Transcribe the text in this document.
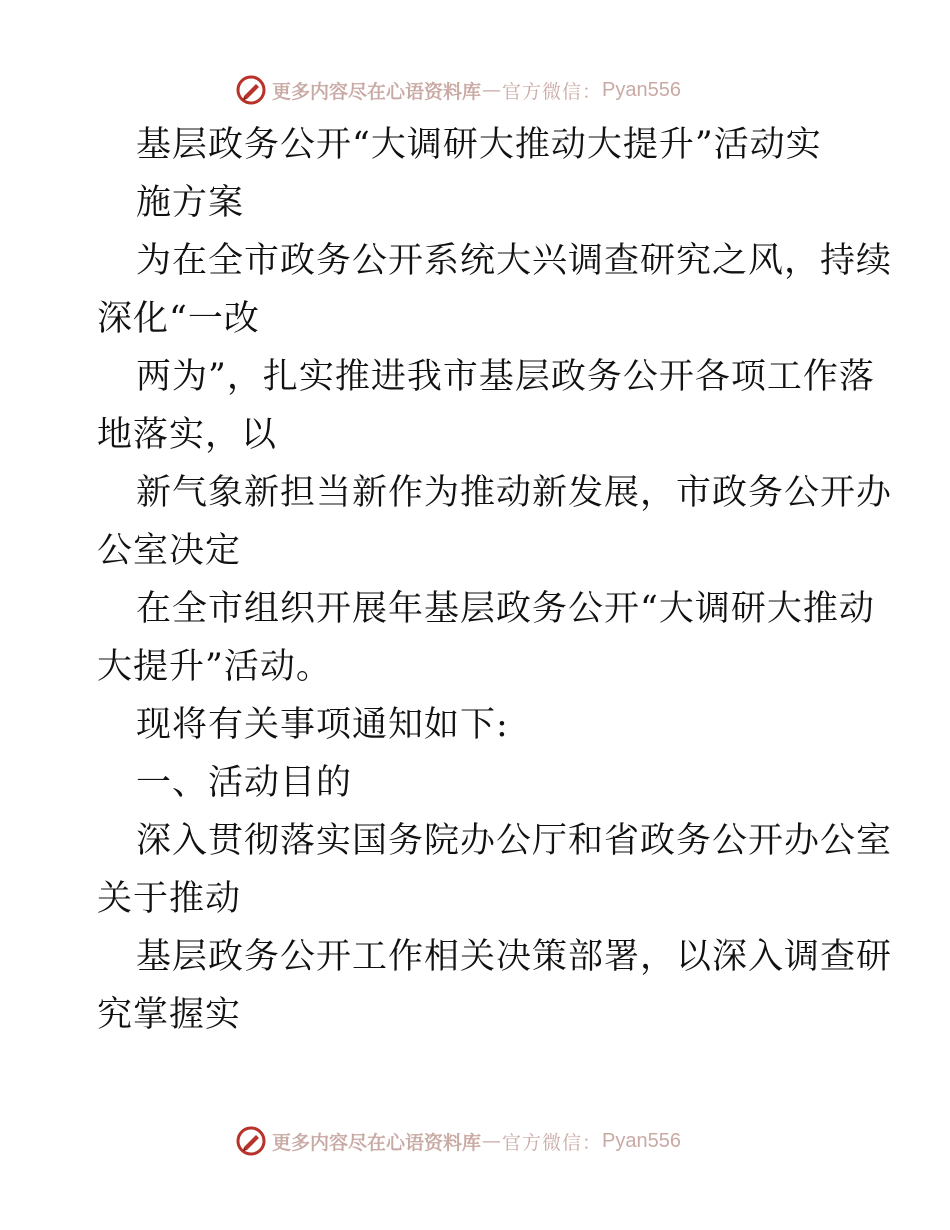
更多内容尽在心语资料库 — 官方微信： Pyan556
基层政务公开“大调研大推动大提升”活动实
施方案
为在全市政务公开系统大兴调查研究之风，持续
深化“一改
两为”，扎实推进我市基层政务公开各项工作落
地落实，以
新气象新担当新作为推动新发展，市政务公开办
公室决定
在全市组织开展年基层政务公开“大调研大推动
大提升”活动。
现将有关事项通知如下:
一、活动目的
深入贯彻落实国务院办公厅和省政务公开办公室
关于推动
基层政务公开工作相关决策部署，以深入调查研
究掌握实
更多内容尽在心语资料库 — 官方微信： Pyan556
